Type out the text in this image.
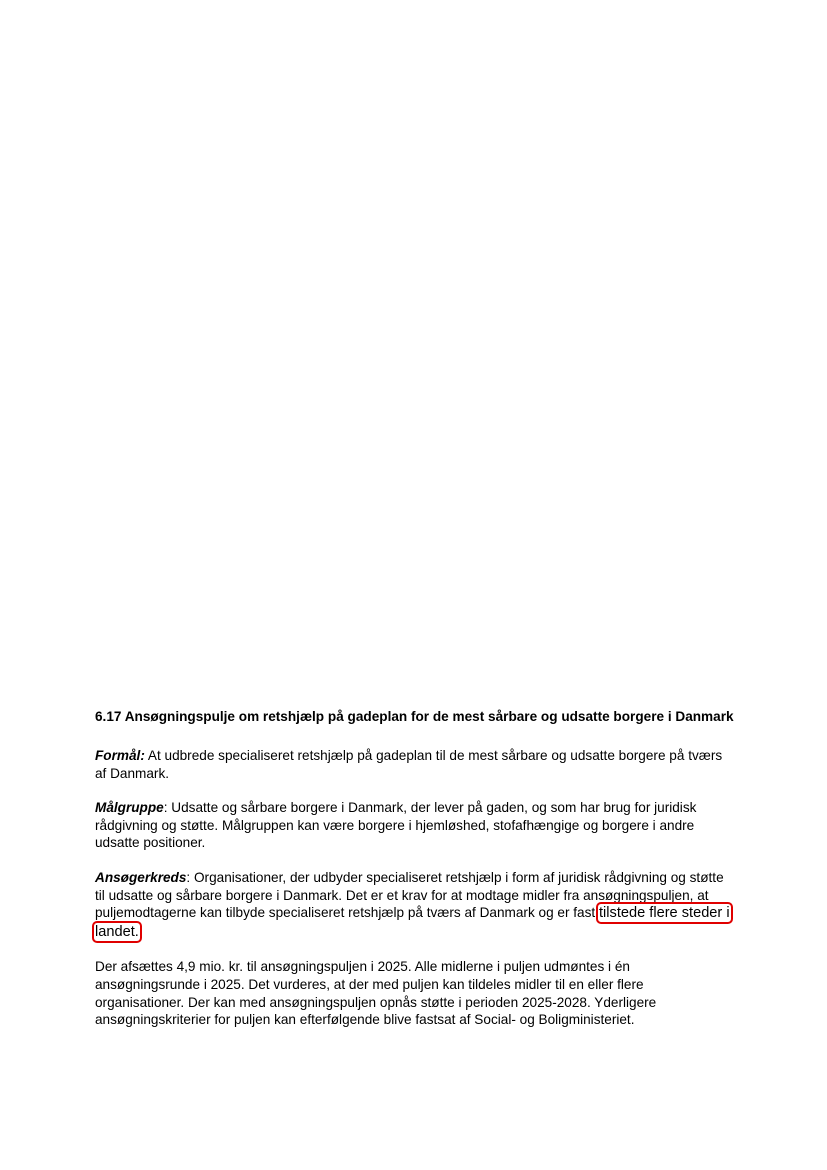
6.17 Ansøgningspulje om retshjælp på gadeplan for de mest sårbare og udsatte borgere i Danmark

Formål: At udbrede specialiseret retshjælp på gadeplan til de mest sårbare og udsatte borgere på tværs af Danmark.

Målgruppe: Udsatte og sårbare borgere i Danmark, der lever på gaden, og som har brug for juridisk rådgivning og støtte. Målgruppen kan være borgere i hjemløshed, stofafhængige og borgere i andre udsatte positioner.

Ansøgerkreds: Organisationer, der udbyder specialiseret retshjælp i form af juridisk rådgivning og støtte til udsatte og sårbare borgere i Danmark. Det er et krav for at modtage midler fra ansøgningspuljen, at puljemodtagerne kan tilbyde specialiseret retshjælp på tværs af Danmark og er fast tilstede flere steder i landet.

Der afsættes 4,9 mio. kr. til ansøgningspuljen i 2025. Alle midlerne i puljen udmøntes i én ansøgningsrunde i 2025. Det vurderes, at der med puljen kan tildeles midler til en eller flere organisationer. Der kan med ansøgningspuljen opnås støtte i perioden 2025-2028. Yderligere ansøgningskriterier for puljen kan efterfølgende blive fastsat af Social- og Boligministeriet.
